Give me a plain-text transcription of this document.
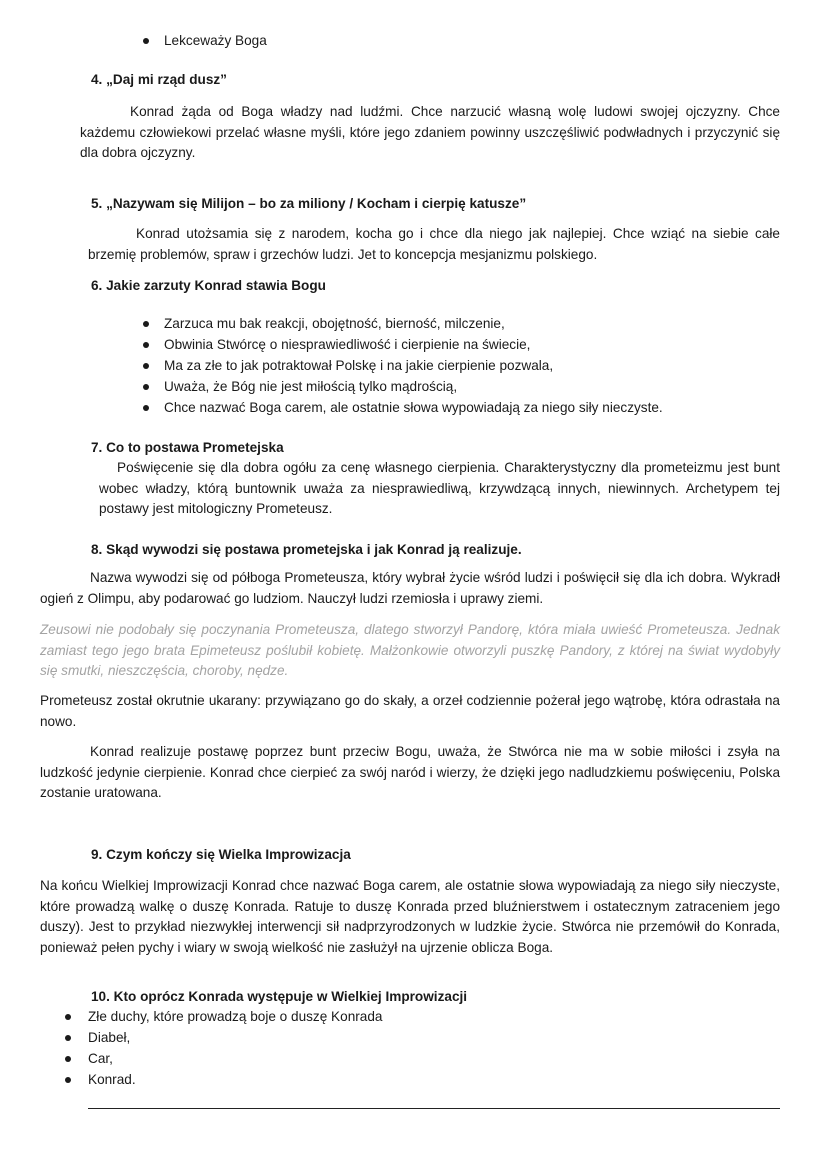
Lekceważy Boga
4. „Daj mi rząd dusz”
Konrad żąda od Boga władzy nad ludźmi. Chce narzucić własną wolę ludowi swojej ojczyzny. Chce każdemu człowiekowi przelać własne myśli, które jego zdaniem powinny uszczęśliwić podwładnych i przyczynić się dla dobra ojczyzny.
5. „Nazywam się Milijon – bo za miliony / Kocham i cierpię katusze”
Konrad utożsamia się z narodem, kocha go i chce dla niego jak najlepiej. Chce wziąć na siebie całe brzemię problemów, spraw i grzechów ludzi. Jet to koncepcja mesjanizmu polskiego.
6. Jakie zarzuty Konrad stawia Bogu
Zarzuca mu bak reakcji, obojętność, bierność, milczenie,
Obwinia Stwórcę o niesprawiedliwość i cierpienie na świecie,
Ma za złe to jak potraktował Polskę i na jakie cierpienie pozwala,
Uważa, że Bóg nie jest miłością tylko mądrością,
Chce nazwać Boga carem, ale ostatnie słowa wypowiadają za niego siły nieczyste.
7. Co to postawa Prometejska
Poświęcenie się dla dobra ogółu za cenę własnego cierpienia. Charakterystyczny dla prometeizmu jest bunt wobec władzy, którą buntownik uważa za niesprawiedliwą, krzywdzącą innych, niewinnych. Archetypem tej postawy jest mitologiczny Prometeusz.
8. Skąd wywodzi się postawa prometejska i jak Konrad ją realizuje.
Nazwa wywodzi się od półboga Prometeusza, który wybrał życie wśród ludzi i poświęcił się dla ich dobra. Wykradł ogień z Olimpu, aby podarować go ludziom. Nauczył ludzi rzemiosła i uprawy ziemi.
Zeusowi nie podobały się poczynania Prometeusza, dlatego stworzył Pandorę, która miała uwieść Prometeusza. Jednak zamiast tego jego brata Epimeteusz poślubił kobietę. Małżonkowie otworzyli puszkę Pandory, z której na świat wydobyły się smutki, nieszczęścia, choroby, nędze.
Prometeusz został okrutnie ukarany: przywiązano go do skały, a orzeł codziennie pożerał jego wątrobę, która odrastała na nowo.
Konrad realizuje postawę poprzez bunt przeciw Bogu, uważa, że Stwórca nie ma w sobie miłości i zsyła na ludzkość jedynie cierpienie. Konrad chce cierpieć za swój naród i wierzy, że dzięki jego nadludzkiemu poświęceniu, Polska zostanie uratowana.
9. Czym kończy się Wielka Improwizacja
Na końcu Wielkiej Improwizacji Konrad chce nazwać Boga carem, ale ostatnie słowa wypowiadają za niego siły nieczyste, które prowadzą walkę o duszę Konrada. Ratuje to duszę Konrada przed bluźnierstwem i ostatecznym zatraceniem jego duszy). Jest to przykład niezwykłej interwencji sił nadprzyrodzonych w ludzkie życie. Stwórca nie przemówił do Konrada, ponieważ pełen pychy i wiary w swoją wielkość nie zasłużył na ujrzenie oblicza Boga.
10. Kto oprócz Konrada występuje w Wielkiej Improwizacji
Złe duchy, które prowadzą boje o duszę Konrada
Diabeł,
Car,
Konrad.
